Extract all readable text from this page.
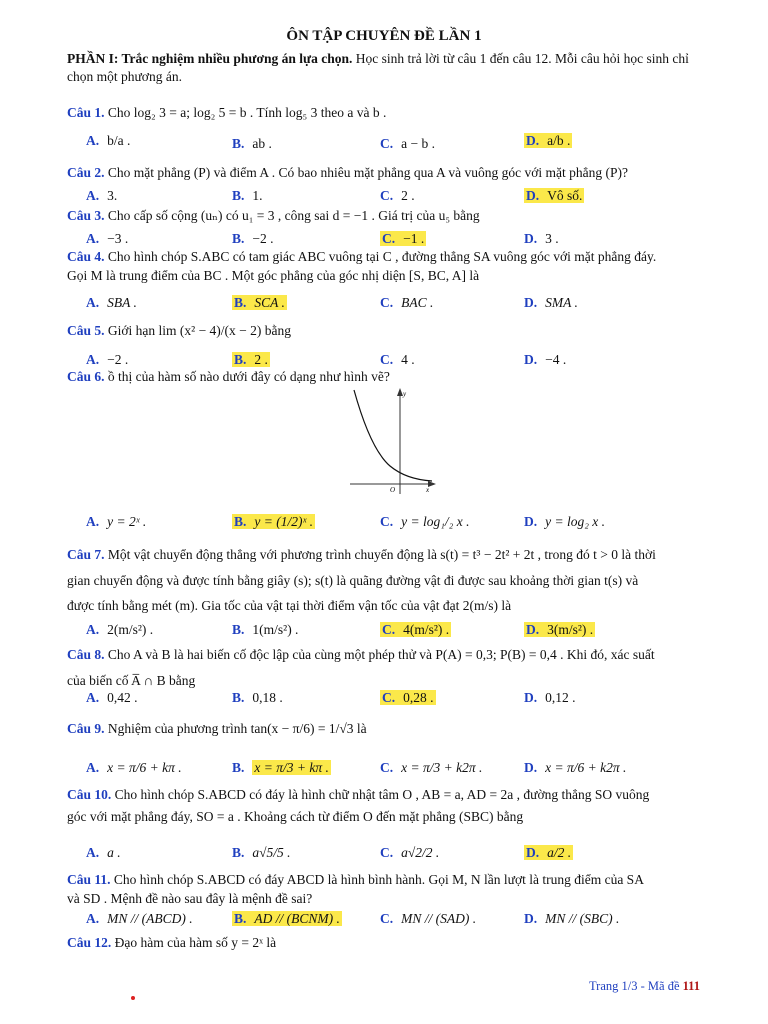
ÔN TẬP CHUYÊN ĐỀ LẦN 1
PHẦN I: Trắc nghiệm nhiều phương án lựa chọn. Học sinh trả lời từ câu 1 đến câu 12. Mỗi câu hỏi học sinh chỉ chọn một phương án.
Câu 1. Cho log₂ 3 = a; log₂ 5 = b . Tính log₅ 3 theo a và b .
A. b/a .	B. ab .	C. a − b .	D. a/b .
Câu 2. Cho mặt phẳng (P) và điểm A . Có bao nhiêu mặt phẳng qua A và vuông góc với mặt phẳng (P)?
A. 3.	B. 1.	C. 2 .	D. Vô số.
Câu 3. Cho cấp số cộng (uₙ) có u₁ = 3 , công sai d = −1 . Giá trị của u₅ bằng
A. −3 .	B. −2 .	C. −1 .	D. 3 .
Câu 4. Cho hình chóp S.ABC có tam giác ABC vuông tại C , đường thẳng SA vuông góc với mặt phẳng đáy.
Gọi M là trung điểm của BC . Một góc phẳng của góc nhị diện [S, BC, A] là
A. SBA .	B. SCA .	C. BAC .	D. SMA .
Câu 5. Giới hạn lim (x² − 4)/(x − 2) bằng
A. −2 .	B. 2 .	C. 4 .	D. −4 .
Câu 6. ồ thị của hàm số nào dưới đây có dạng như hình vẽ?
y
x
O
A. y = 2ˣ .	B. y = (1/2)ˣ .	C. y = log₁/₂ x .	D. y = log₂ x .
Câu 7. Một vật chuyển động thẳng với phương trình chuyển động là s(t) = t³ − 2t² + 2t , trong đó t > 0 là thời
gian chuyển động và được tính bằng giây (s); s(t) là quãng đường vật đi được sau khoảng thời gian t(s) và
được tính bằng mét (m). Gia tốc của vật tại thời điểm vận tốc của vật đạt 2(m/s) là
A. 2(m/s²) .	B. 1(m/s²) .	C. 4(m/s²) .	D. 3(m/s²) .
Câu 8. Cho A và B là hai biến cố độc lập của cùng một phép thử và P(A) = 0,3; P(B) = 0,4 . Khi đó, xác suất
của biến cố A̅ ∩ B bằng
A. 0,42 .	B. 0,18 .	C. 0,28 .	D. 0,12 .
Câu 9. Nghiệm của phương trình tan(x − π/6) = 1/√3 là
A. x = π/6 + kπ .	B. x = π/3 + kπ .	C. x = π/3 + k2π .	D. x = π/6 + k2π .
Câu 10. Cho hình chóp S.ABCD có đáy là hình chữ nhật tâm O , AB = a, AD = 2a , đường thẳng SO vuông
góc với mặt phẳng đáy, SO = a . Khoảng cách từ điểm O đến mặt phẳng (SBC) bằng
A. a .	B. a√5/5 .	C. a√2/2 .	D. a/2 .
Câu 11. Cho hình chóp S.ABCD có đáy ABCD là hình bình hành. Gọi M, N lần lượt là trung điểm của SA
và SD . Mệnh đề nào sau đây là mệnh đề sai?
A. MN // (ABCD) .	B. AD // (BCNM) .	C. MN // (SAD) .	D. MN // (SBC) .
Câu 12. Đạo hàm của hàm số y = 2ˣ là
Trang 1/3 - Mã đề 111
